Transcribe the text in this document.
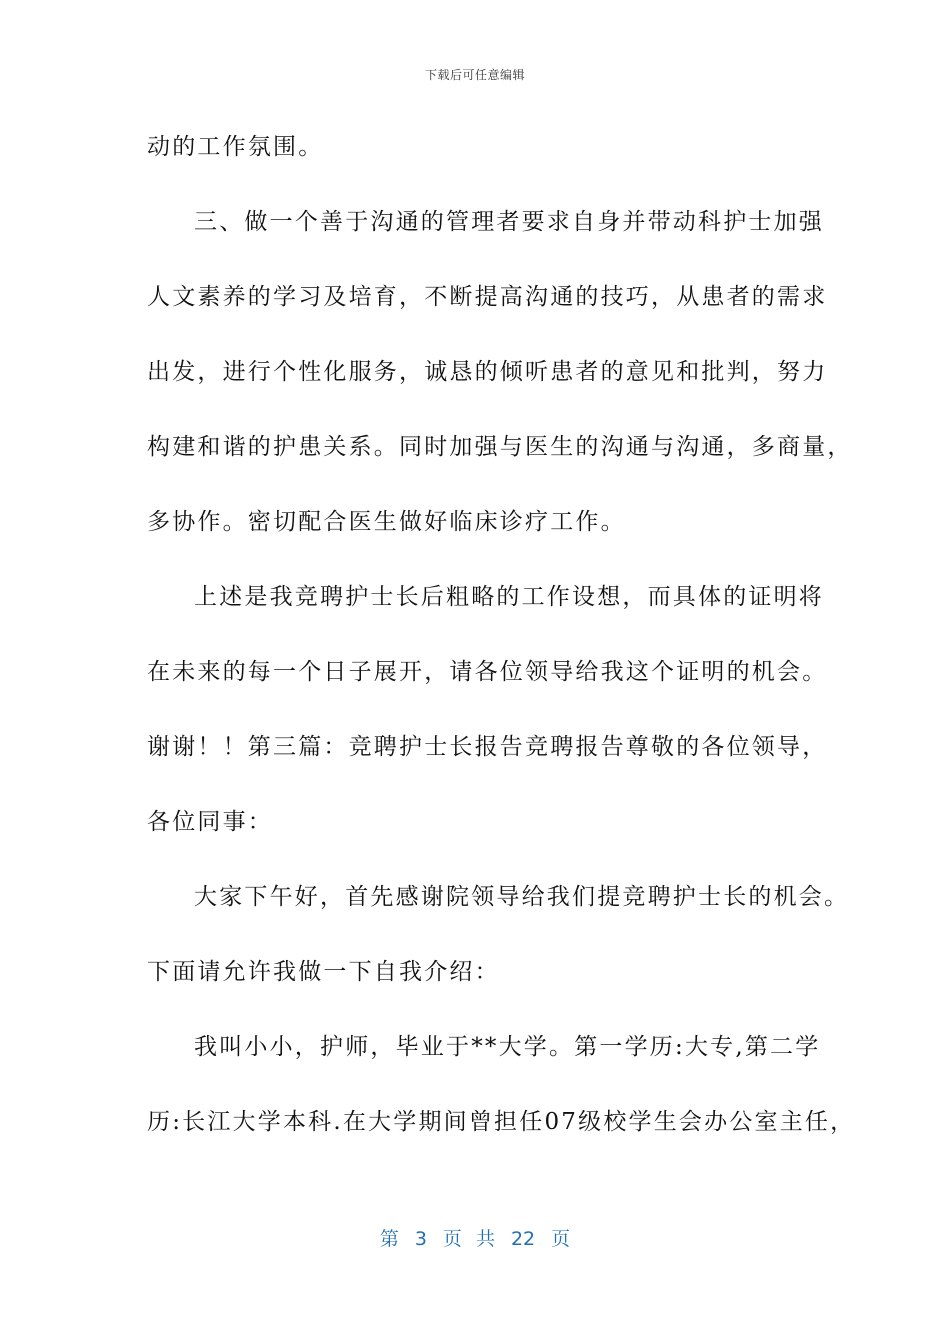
下载后可任意编辑
动的工作氛围。
三、做一个善于沟通的管理者要求自身并带动科护士加强
人文素养的学习及培育，不断提高沟通的技巧，从患者的需求
出发，进行个性化服务，诚恳的倾听患者的意见和批判，努力
构建和谐的护患关系。同时加强与医生的沟通与沟通，多商量，
多协作。密切配合医生做好临床诊疗工作。
上述是我竞聘护士长后粗略的工作设想，而具体的证明将
在未来的每一个日子展开，请各位领导给我这个证明的机会。
谢谢！！第三篇：竞聘护士长报告竞聘报告尊敬的各位领导，
各位同事：
大家下午好，首先感谢院领导给我们提竞聘护士长的机会。
下面请允许我做一下自我介绍：
我叫小小，护师，毕业于**大学。第一学历:大专,第二学
历:长江大学本科.在大学期间曾担任07级校学生会办公室主任，
第 3 页 共 22 页
